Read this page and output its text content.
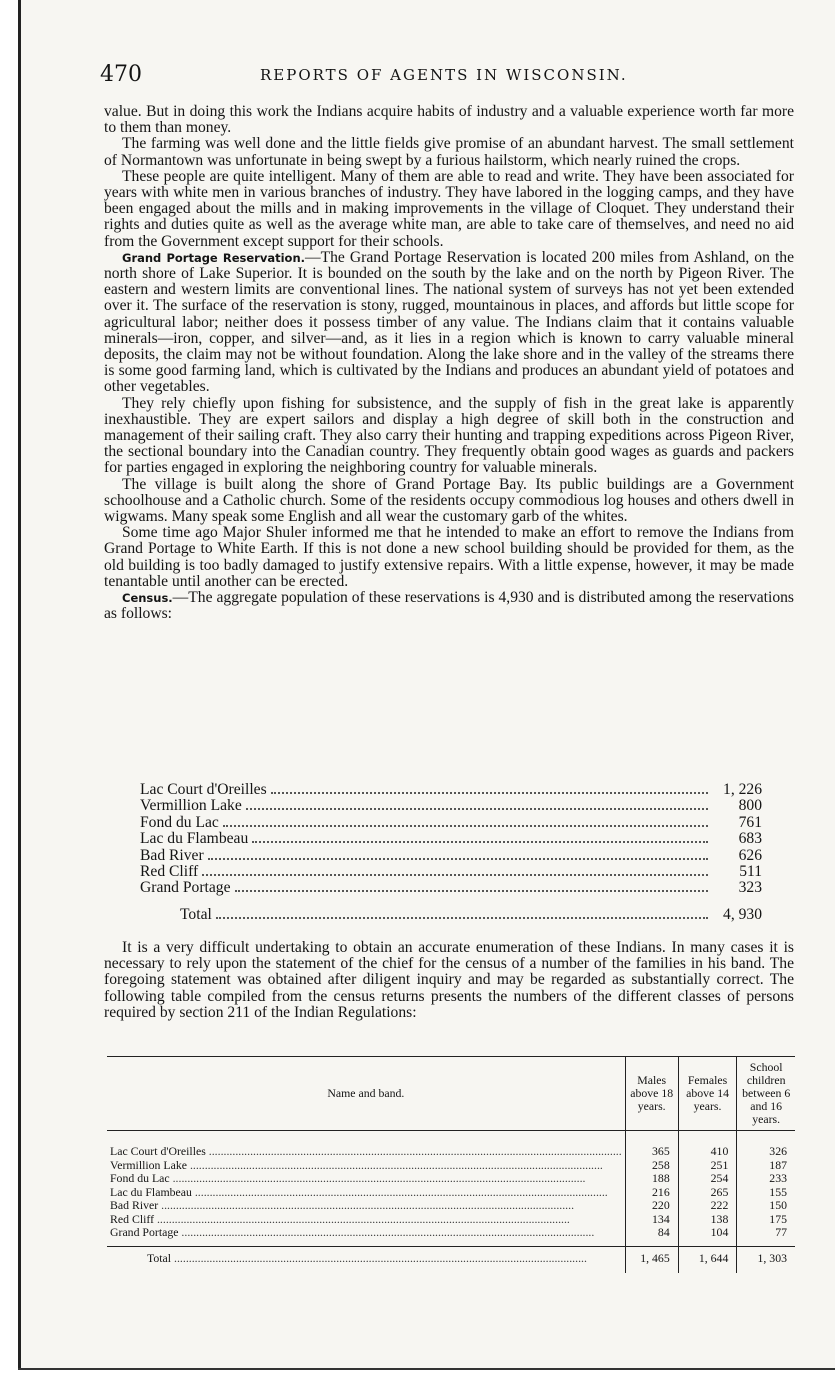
470	REPORTS OF AGENTS IN WISCONSIN.

value. But in doing this work the Indians acquire habits of industry and a valuable experience worth far more to them than money.

The farming was well done and the little fields give promise of an abundant harvest. The small settlement of Normantown was unfortunate in being swept by a furious hailstorm, which nearly ruined the crops.

These people are quite intelligent. Many of them are able to read and write. They have been associated for years with white men in various branches of industry. They have labored in the logging camps, and they have been engaged about the mills and in making improvements in the village of Cloquet. They understand their rights and duties quite as well as the average white man, are able to take care of themselves, and need no aid from the Government except support for their schools.

Grand Portage Reservation.—The Grand Portage Reservation is located 200 miles from Ashland, on the north shore of Lake Superior. It is bounded on the south by the lake and on the north by Pigeon River. The eastern and western limits are conventional lines. The national system of surveys has not yet been extended over it. The surface of the reservation is stony, rugged, mountainous in places, and affords but little scope for agricultural labor; neither does it possess timber of any value. The Indians claim that it contains valuable minerals—iron, copper, and silver—and, as it lies in a region which is known to carry valuable mineral deposits, the claim may not be without foundation. Along the lake shore and in the valley of the streams there is some good farming land, which is cultivated by the Indians and produces an abundant yield of potatoes and other vegetables.

They rely chiefly upon fishing for subsistence, and the supply of fish in the great lake is apparently inexhaustible. They are expert sailors and display a high degree of skill both in the construction and management of their sailing craft. They also carry their hunting and trapping expeditions across Pigeon River, the sectional boundary into the Canadian country. They frequently obtain good wages as guards and packers for parties engaged in exploring the neighboring country for valuable minerals.

The village is built along the shore of Grand Portage Bay. Its public buildings are a Government schoolhouse and a Catholic church. Some of the residents occupy commodious log houses and others dwell in wigwams. Many speak some English and all wear the customary garb of the whites.

Some time ago Major Shuler informed me that he intended to make an effort to remove the Indians from Grand Portage to White Earth. If this is not done a new school building should be provided for them, as the old building is too badly damaged to justify extensive repairs. With a little expense, however, it may be made tenantable until another can be erected.

Census.—The aggregate population of these reservations is 4,930 and is distributed among the reservations as follows:

Lac Court d'Oreilles	1, 226
Vermillion Lake	800
Fond du Lac	761
Lac du Flambeau	683
Bad River	626
Red Cliff	511
Grand Portage	323
Total	4, 930

It is a very difficult undertaking to obtain an accurate enumeration of these Indians. In many cases it is necessary to rely upon the statement of the chief for the census of a number of the families in his band. The foregoing statement was obtained after diligent inquiry and may be regarded as substantially correct. The following table compiled from the census returns presents the numbers of the different classes of persons required by section 211 of the Indian Regulations:

Name and band.	Males above 18 years.	Females above 14 years.	School children between 6 and 16 years.
Lac Court d'Oreilles .....	365	410	326
Vermillion Lake .....	258	251	187
Fond du Lac .....	188	254	233
Lac du Flambeau .....	216	265	155
Bad River .....	220	222	150
Red Cliff .....	134	138	175
Grand Portage .....	84	104	77
Total .....	1, 465	1, 644	1, 303
